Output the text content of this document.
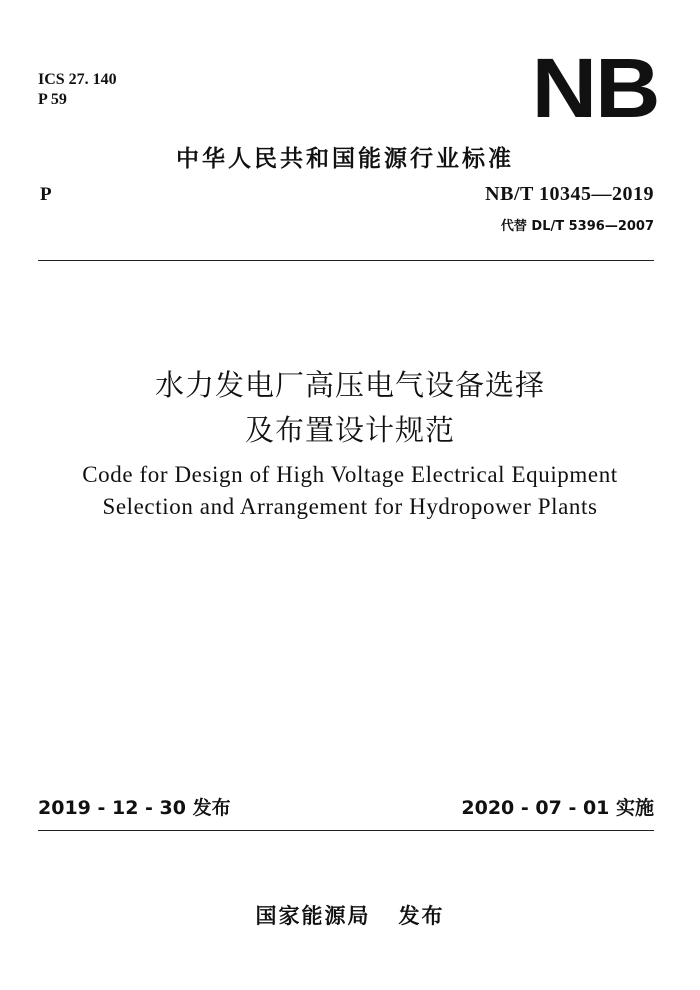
ICS 27. 140
P 59	NB
中华人民共和国能源行业标准
P	NB/T 10345—2019
代替 DL/T 5396—2007
水力发电厂高压电气设备选择
及布置设计规范
Code for Design of High Voltage Electrical Equipment
Selection and Arrangement for Hydropower Plants
2019 - 12 - 30 发布	2020 - 07 - 01 实施
国家能源局 发布
